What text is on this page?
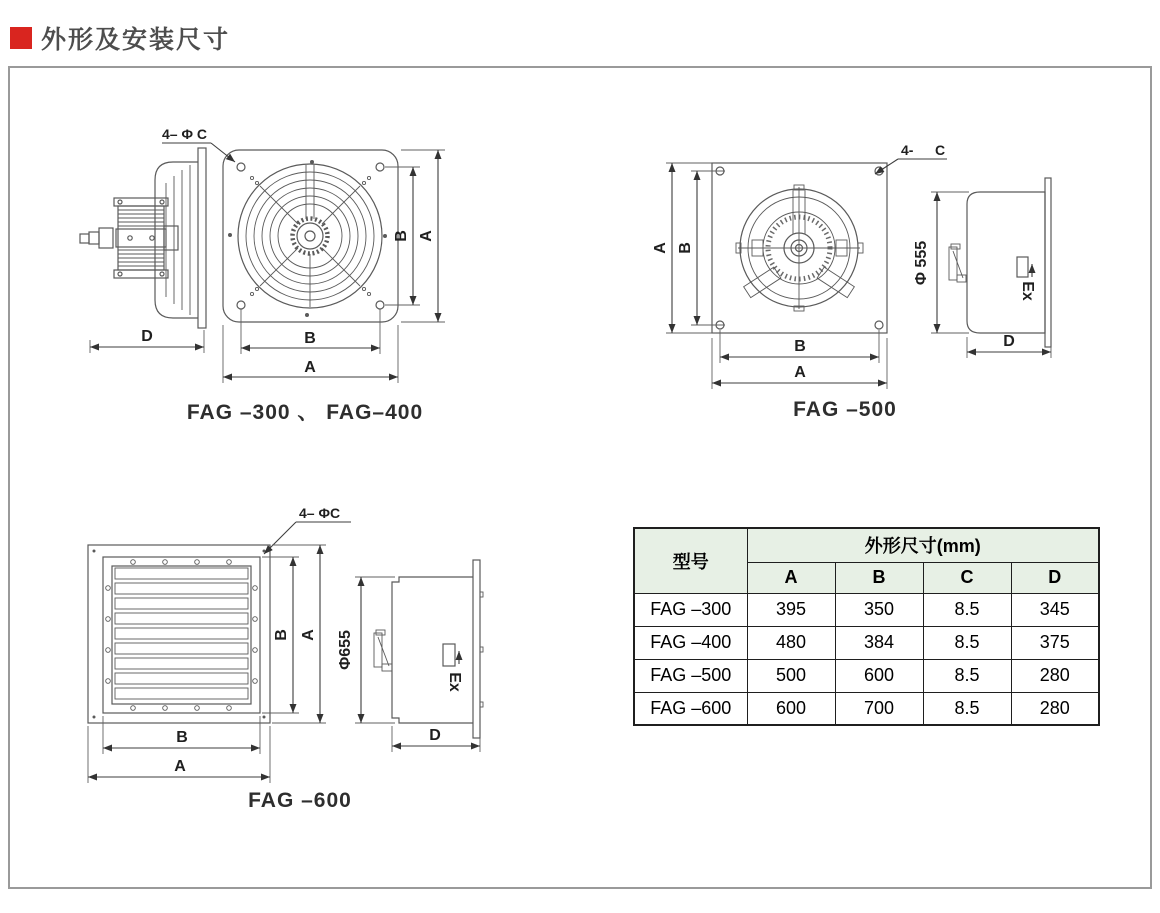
外形及安装尺寸
4– Φ C
B A
B
A
D
FAG –300 、 FAG–400
4- C
A B
B
A
Ex
Φ 555
D
FAG –500
4– ΦC
B A
B
A
Ex
Φ655
D
FAG –600
型号	外形尺寸(mm)			
	A	B	C	D
FAG –300	395	350	8.5	345
FAG –400	480	384	8.5	375
FAG –500	500	600	8.5	280
FAG –600	600	700	8.5	280
